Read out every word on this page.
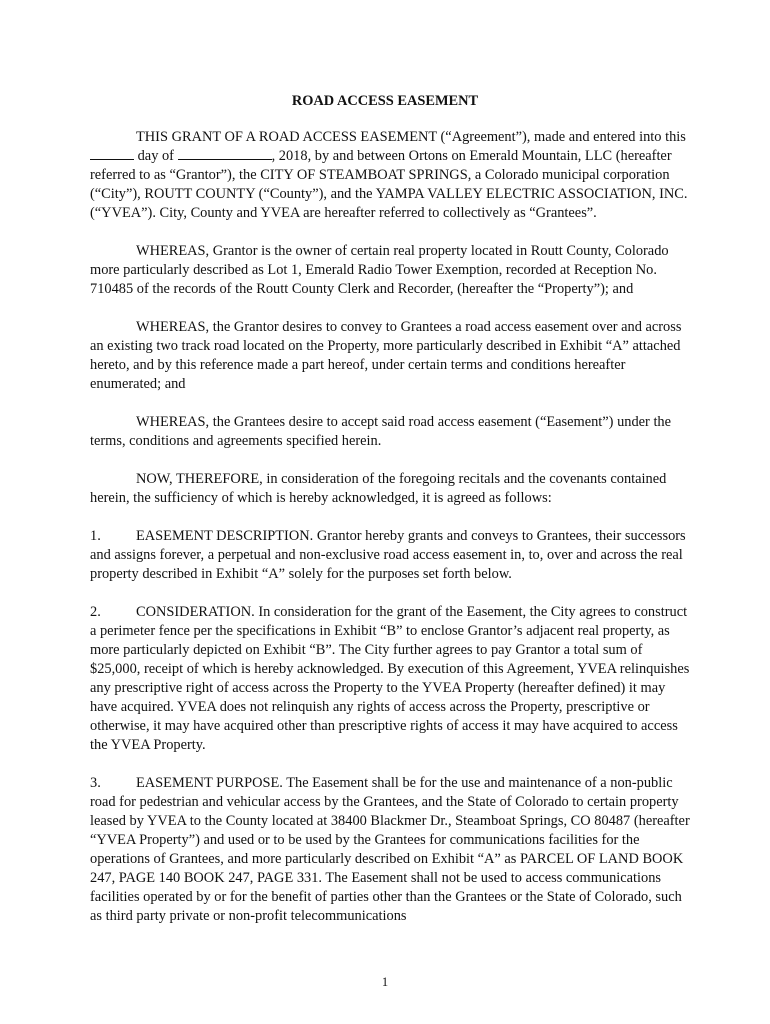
ROAD ACCESS EASEMENT

THIS GRANT OF A ROAD ACCESS EASEMENT (“Agreement”), made and entered into this  day of	, 2018, by and between Ortons on Emerald Mountain, LLC (hereafter referred to as “Grantor”), the CITY OF STEAMBOAT SPRINGS, a Colorado municipal corporation (“City”), ROUTT COUNTY (“County”), and the YAMPA VALLEY ELECTRIC ASSOCIATION, INC. (“YVEA”). City, County and YVEA are hereafter referred to collectively as “Grantees”.

WHEREAS, Grantor is the owner of certain real property located in Routt County, Colorado more particularly described as Lot 1, Emerald Radio Tower Exemption, recorded at Reception No. 710485 of the records of the Routt County Clerk and Recorder, (hereafter the “Property”); and

WHEREAS, the Grantor desires to convey to Grantees a road access easement over and across an existing two track road located on the Property, more particularly described in Exhibit “A” attached hereto, and by this reference made a part hereof, under certain terms and conditions hereafter enumerated; and

WHEREAS, the Grantees desire to accept said road access easement (“Easement”) under the terms, conditions and agreements specified herein.

NOW, THEREFORE, in consideration of the foregoing recitals and the covenants contained herein, the sufficiency of which is hereby acknowledged, it is agreed as follows:

1. EASEMENT DESCRIPTION. Grantor hereby grants and conveys to Grantees, their successors and assigns forever, a perpetual and non-exclusive road access easement in, to, over and across the real property described in Exhibit “A” solely for the purposes set forth below.

2. CONSIDERATION. In consideration for the grant of the Easement, the City agrees to construct a perimeter fence per the specifications in Exhibit “B” to enclose Grantor’s adjacent real property, as more particularly depicted on Exhibit “B”. The City further agrees to pay Grantor a total sum of $25,000, receipt of which is hereby acknowledged. By execution of this Agreement, YVEA relinquishes any prescriptive right of access across the Property to the YVEA Property (hereafter defined) it may have acquired. YVEA does not relinquish any rights of access across the Property, prescriptive or otherwise, it may have acquired other than prescriptive rights of access it may have acquired to access the YVEA Property.

3. EASEMENT PURPOSE. The Easement shall be for the use and maintenance of a non-public road for pedestrian and vehicular access by the Grantees, and the State of Colorado to certain property leased by YVEA to the County located at 38400 Blackmer Dr., Steamboat Springs, CO 80487 (hereafter “YVEA Property”) and used or to be used by the Grantees for communications facilities for the operations of Grantees, and more particularly described on Exhibit “A” as PARCEL OF LAND BOOK 247, PAGE 140 BOOK 247, PAGE 331. The Easement shall not be used to access communications facilities operated by or for the benefit of parties other than the Grantees or the State of Colorado, such as third party private or non-profit telecommunications

1
